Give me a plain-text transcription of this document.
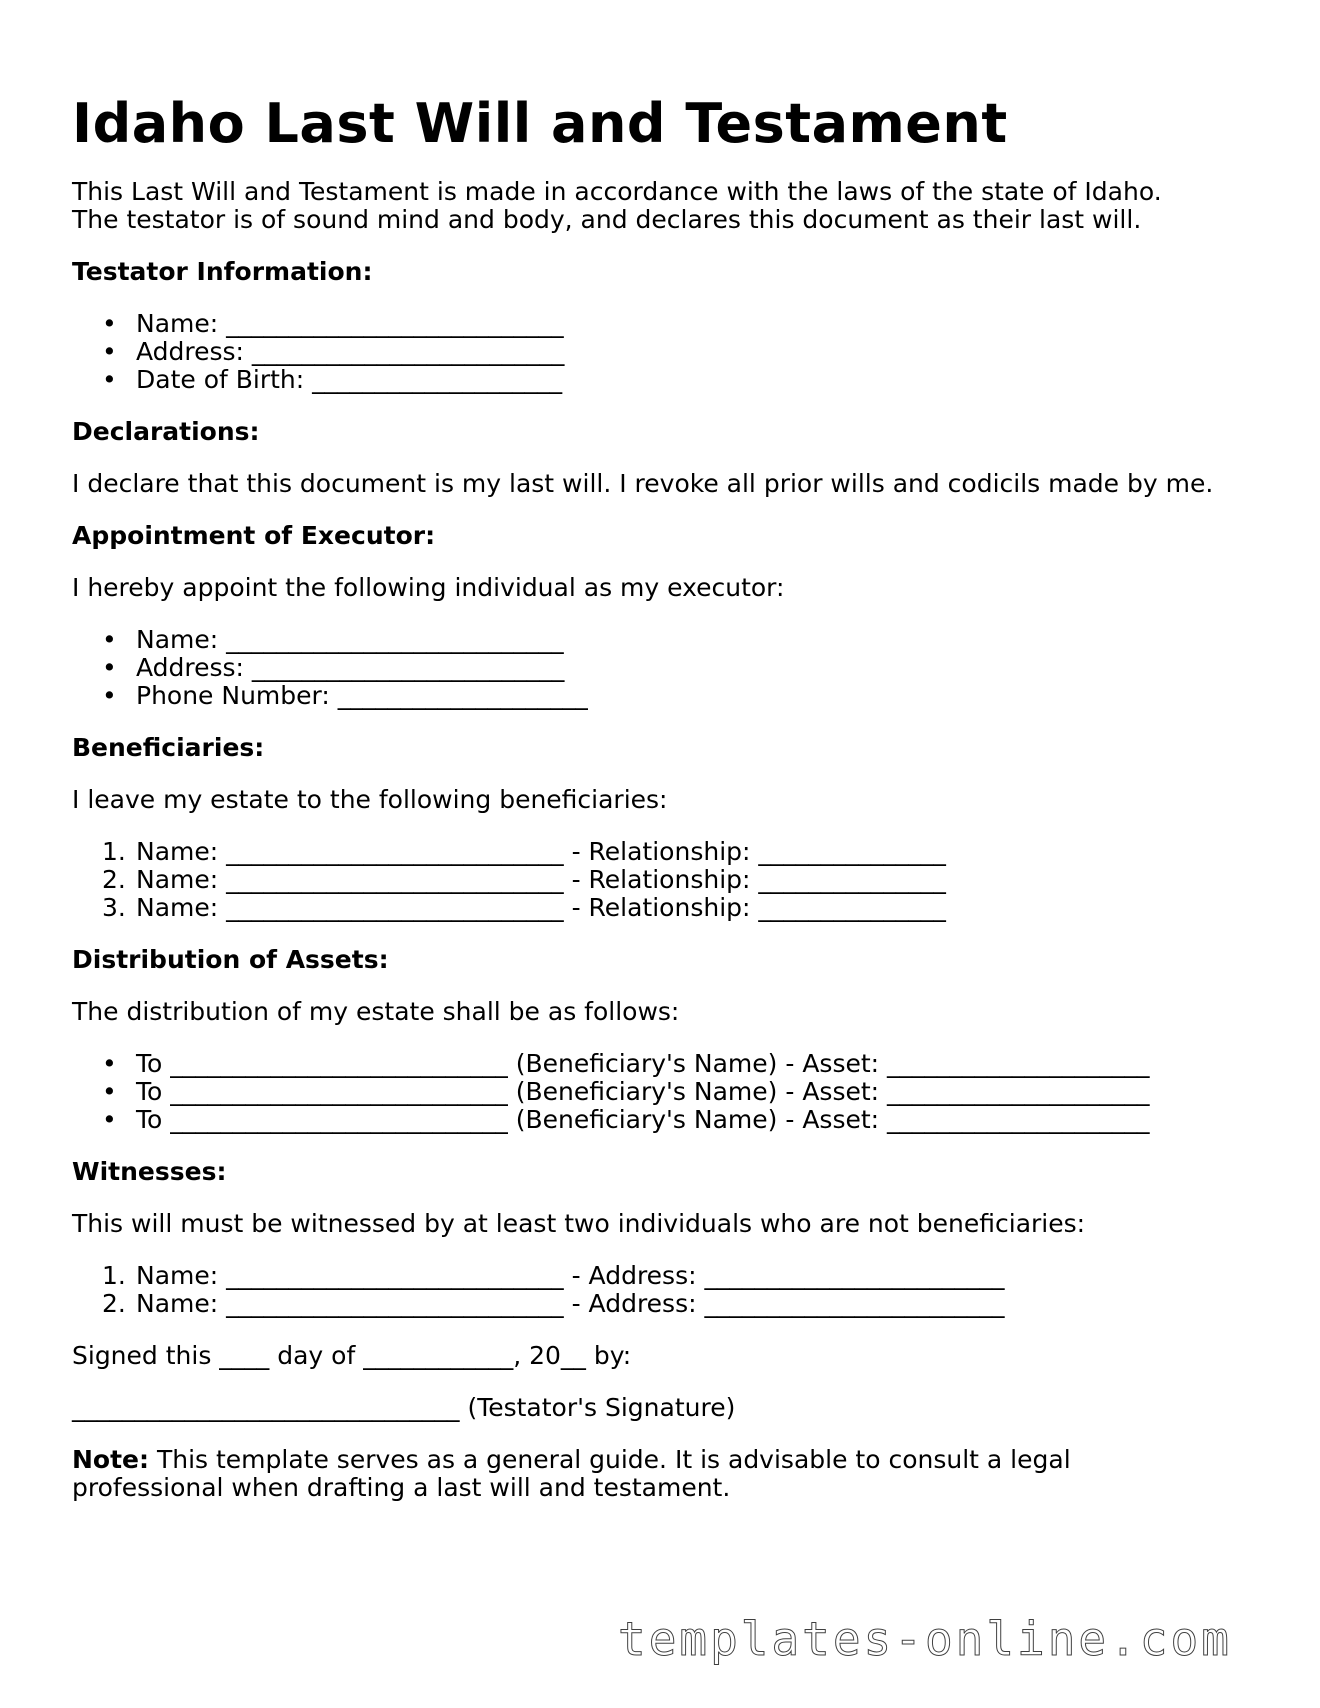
Idaho Last Will and Testament
This Last Will and Testament is made in accordance with the laws of the state of Idaho.
The testator is of sound mind and body, and declares this document as their last will.
Testator Information:
• Name: ___________________________
• Address: _________________________
• Date of Birth: ____________________
Declarations:
I declare that this document is my last will. I revoke all prior wills and codicils made by me.
Appointment of Executor:
I hereby appoint the following individual as my executor:
• Name: ___________________________
• Address: _________________________
• Phone Number: ____________________
Beneficiaries:
I leave my estate to the following beneficiaries:
1. Name: ___________________________ - Relationship: _______________
2. Name: ___________________________ - Relationship: _______________
3. Name: ___________________________ - Relationship: _______________
Distribution of Assets:
The distribution of my estate shall be as follows:
• To ___________________________ (Beneficiary's Name) - Asset: _____________________
• To ___________________________ (Beneficiary's Name) - Asset: _____________________
• To ___________________________ (Beneficiary's Name) - Asset: _____________________
Witnesses:
This will must be witnessed by at least two individuals who are not beneficiaries:
1. Name: ___________________________ - Address: ________________________
2. Name: ___________________________ - Address: ________________________
Signed this ____ day of ____________, 20__ by:
_______________________________ (Testator's Signature)
Note: This template serves as a general guide. It is advisable to consult a legal
professional when drafting a last will and testament.
templates-online.com
